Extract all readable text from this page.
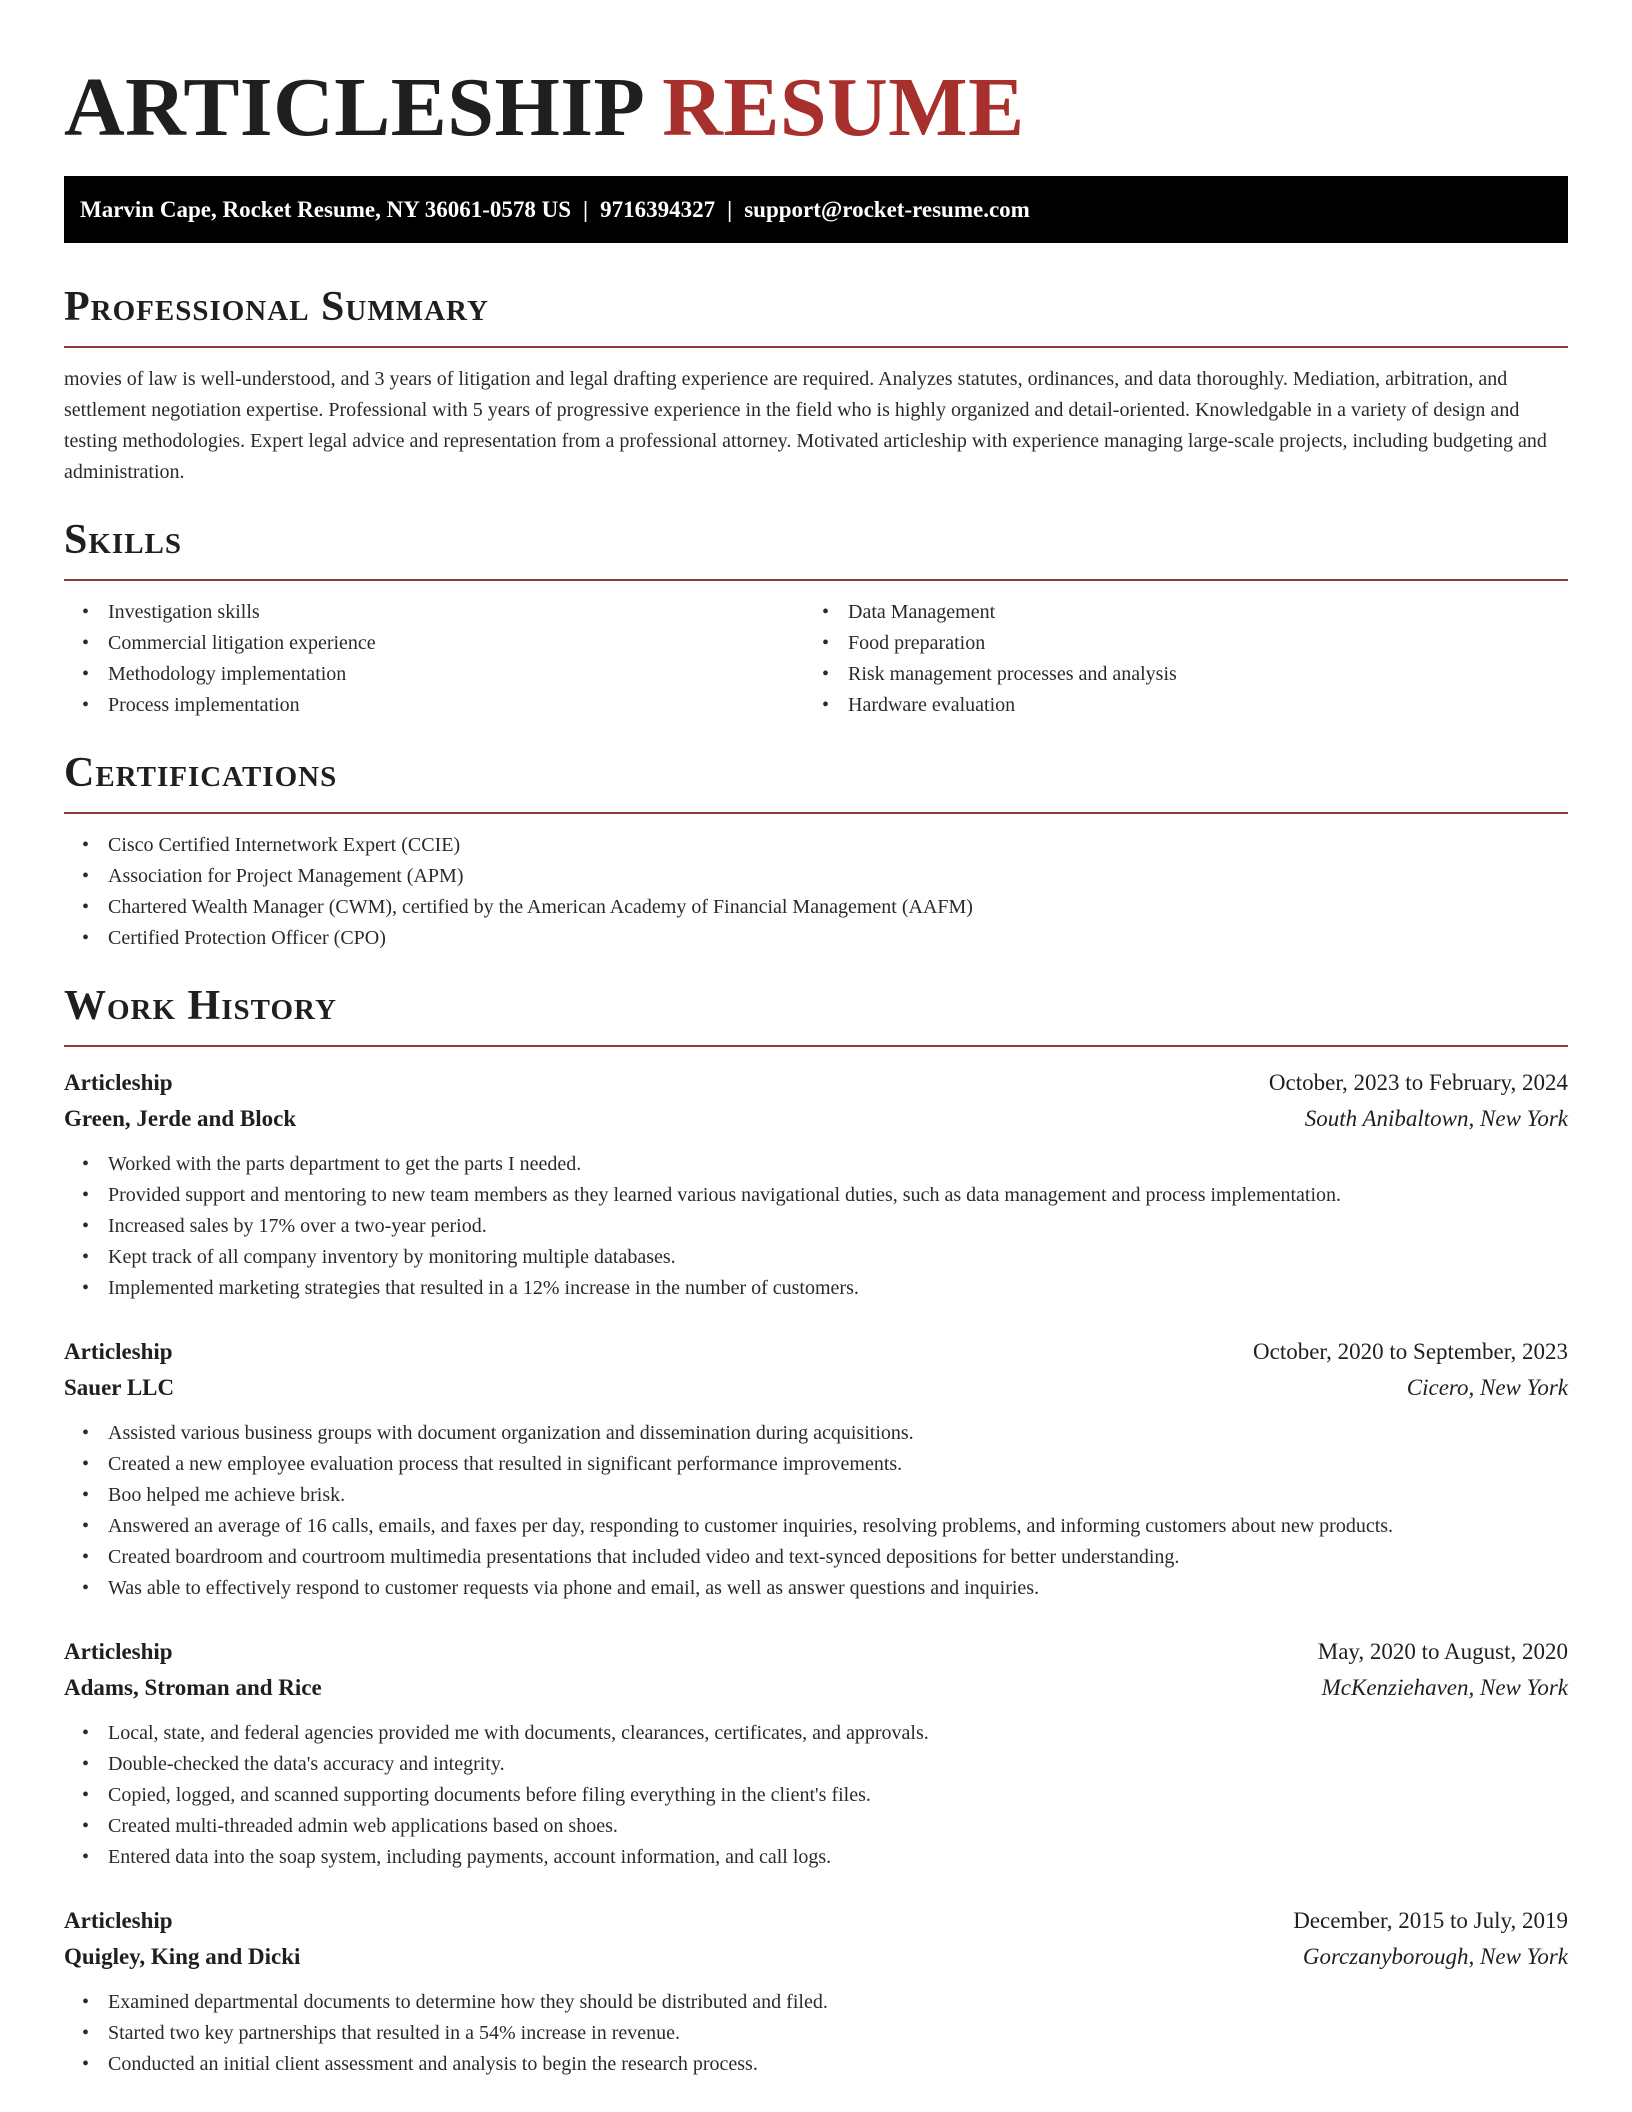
ARTICLESHIP RESUME
Marvin Cape, Rocket Resume, NY 36061-0578 US | 9716394327 | support@rocket-resume.com
Professional Summary

movies of law is well-understood, and 3 years of litigation and legal drafting experience are required. Analyzes statutes, ordinances, and data thoroughly. Mediation, arbitration, and settlement negotiation expertise. Professional with 5 years of progressive experience in the field who is highly organized and detail-oriented. Knowledgable in a variety of design and testing methodologies. Expert legal advice and representation from a professional attorney. Motivated articleship with experience managing large-scale projects, including budgeting and administration.

Skills
• Investigation skills
• Commercial litigation experience
• Methodology implementation
• Process implementation
• Data Management
• Food preparation
• Risk management processes and analysis
• Hardware evaluation
Certifications
• Cisco Certified Internetwork Expert (CCIE)
• Association for Project Management (APM)
• Chartered Wealth Manager (CWM), certified by the American Academy of Financial Management (AAFM)
• Certified Protection Officer (CPO)
Work History
Articleship	October, 2023 to February, 2024
Green, Jerde and Block	South Anibaltown, New York
• Worked with the parts department to get the parts I needed.
• Provided support and mentoring to new team members as they learned various navigational duties, such as data management and process implementation.
• Increased sales by 17% over a two-year period.
• Kept track of all company inventory by monitoring multiple databases.
• Implemented marketing strategies that resulted in a 12% increase in the number of customers.
Articleship	October, 2020 to September, 2023
Sauer LLC	Cicero, New York
• Assisted various business groups with document organization and dissemination during acquisitions.
• Created a new employee evaluation process that resulted in significant performance improvements.
• Boo helped me achieve brisk.
• Answered an average of 16 calls, emails, and faxes per day, responding to customer inquiries, resolving problems, and informing customers about new products.
• Created boardroom and courtroom multimedia presentations that included video and text-synced depositions for better understanding.
• Was able to effectively respond to customer requests via phone and email, as well as answer questions and inquiries.
Articleship	May, 2020 to August, 2020
Adams, Stroman and Rice	McKenziehaven, New York
• Local, state, and federal agencies provided me with documents, clearances, certificates, and approvals.
• Double-checked the data's accuracy and integrity.
• Copied, logged, and scanned supporting documents before filing everything in the client's files.
• Created multi-threaded admin web applications based on shoes.
• Entered data into the soap system, including payments, account information, and call logs.
Articleship	December, 2015 to July, 2019
Quigley, King and Dicki	Gorczanyborough, New York
• Examined departmental documents to determine how they should be distributed and filed.
• Started two key partnerships that resulted in a 54% increase in revenue.
• Conducted an initial client assessment and analysis to begin the research process.
